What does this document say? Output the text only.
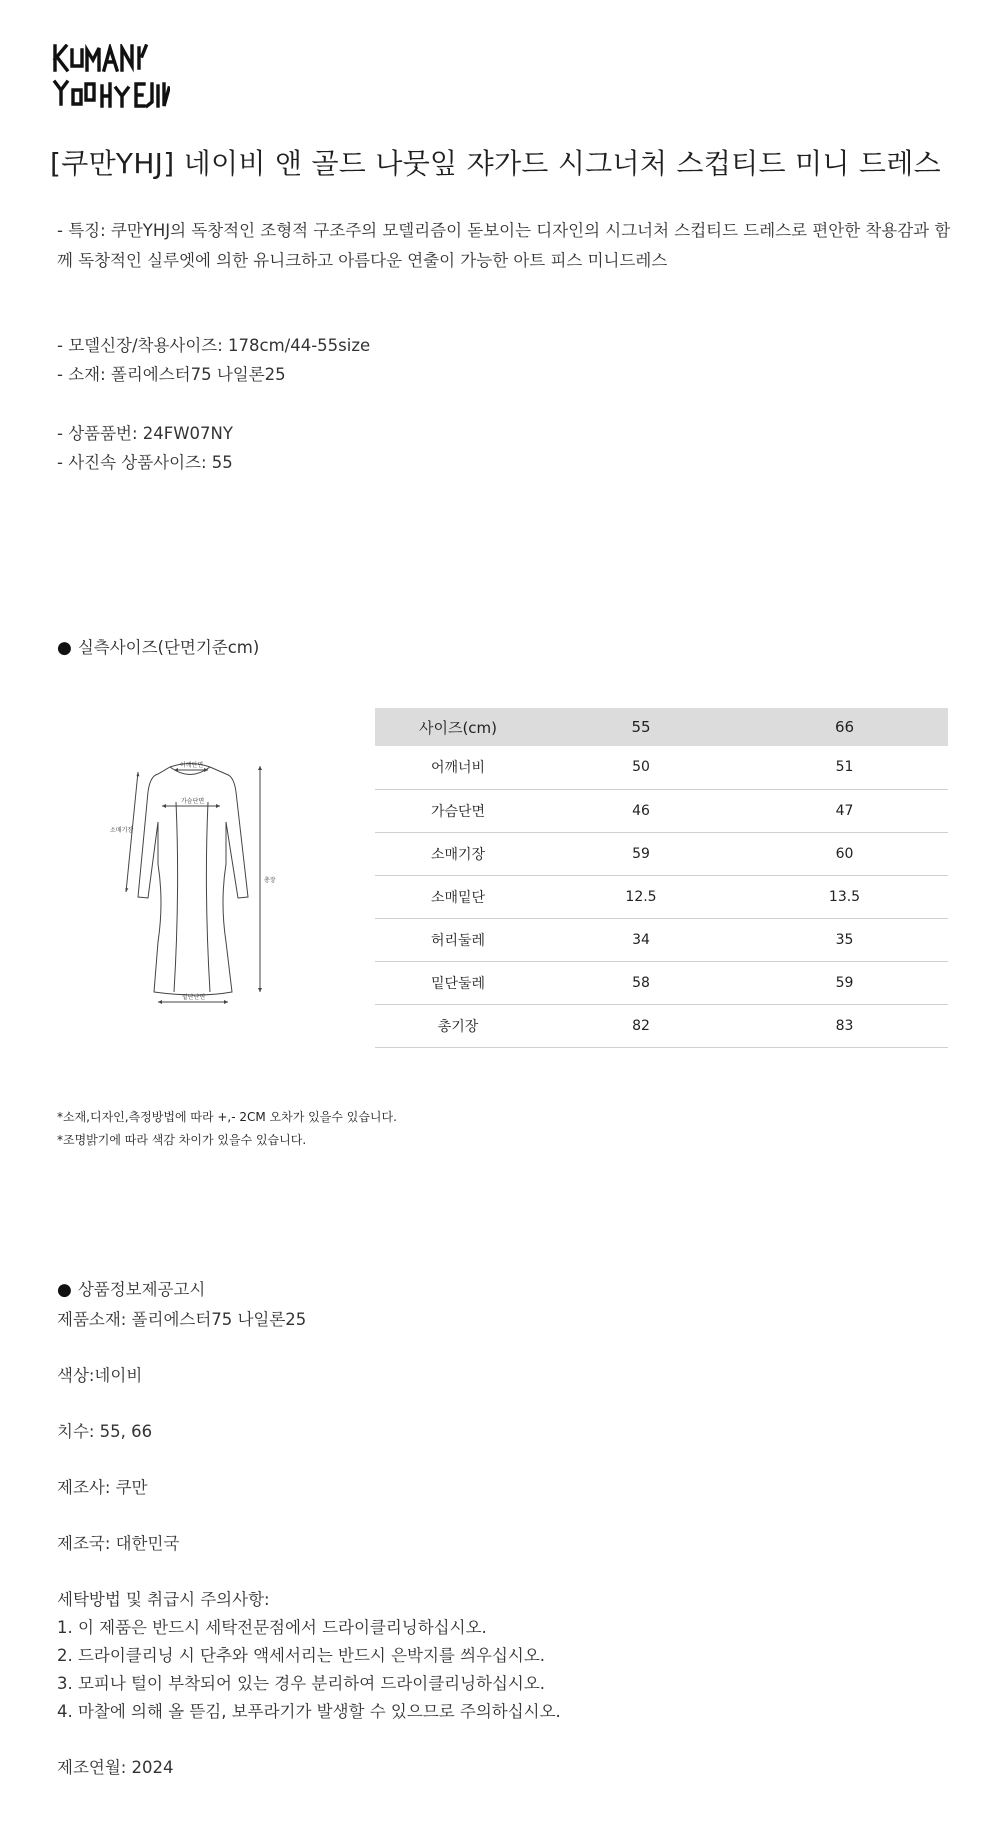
[쿠만YHJ] 네이비 앤 골드 나뭇잎 쟈가드 시그너처 스컵티드 미니 드레스
- 특징: 쿠만YHJ의 독창적인 조형적 구조주의 모델리즘이 돋보이는 디자인의 시그너처 스컵티드 드레스로 편안한 착용감과 함께 독창적인 실루엣에 의한 유니크하고 아름다운 연출이 가능한 아트 피스 미니드레스
- 모델신장/착용사이즈: 178cm/44-55size
- 소재: 폴리에스터75 나일론25
- 상품품번: 24FW07NY
- 사진속 상품사이즈: 55
● 실측사이즈(단면기준cm)
어깨단면
가슴단면
소매기장
총장
밑단단면
사이즈(cm)	55	66
어깨너비	50	51
가슴단면	46	47
소매기장	59	60
소매밑단	12.5	13.5
허리둘레	34	35
밑단둘레	58	59
총기장	82	83
*소재,디자인,측정방법에 따라 +,- 2CM 오차가 있을수 있습니다.
*조명밝기에 따라 색감 차이가 있을수 있습니다.
● 상품정보제공고시
제품소재: 폴리에스터75 나일론25
색상:네이비
치수: 55, 66
제조사: 쿠만
제조국: 대한민국
세탁방법 및 취급시 주의사항:
1. 이 제품은 반드시 세탁전문점에서 드라이클리닝하십시오.
2. 드라이클리닝 시 단추와 액세서리는 반드시 은박지를 씌우십시오.
3. 모피나 털이 부착되어 있는 경우 분리하여 드라이클리닝하십시오.
4. 마찰에 의해 올 뜯김, 보푸라기가 발생할 수 있으므로 주의하십시오.
제조연월: 2024
